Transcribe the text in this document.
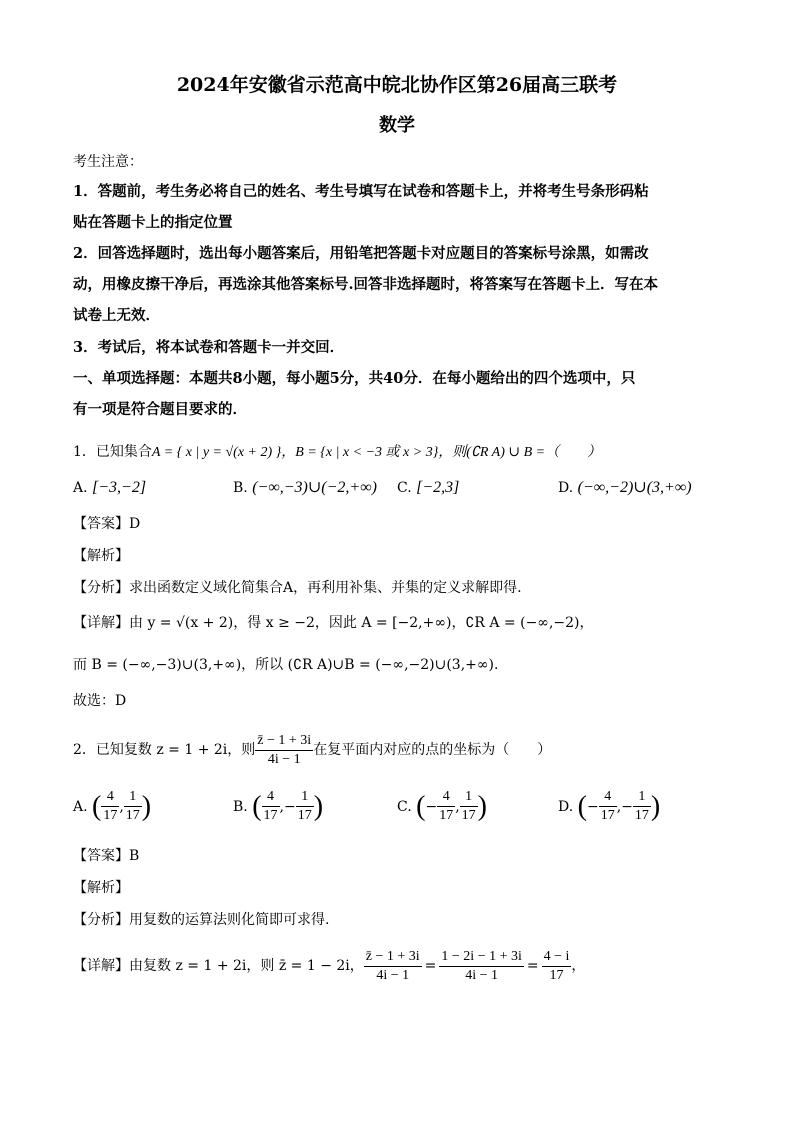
2024年安徽省示范高中皖北协作区第26届高三联考
数学
考生注意：
1．答题前，考生务必将自己的姓名、考生号填写在试卷和答题卡上，并将考生号条形码粘
贴在答题卡上的指定位置
2．回答选择题时，选出每小题答案后，用铅笔把答题卡对应题目的答案标号涂黑，如需改
动，用橡皮擦干净后，再选涂其他答案标号.回答非选择题时，将答案写在答题卡上．写在本
试卷上无效．
3．考试后，将本试卷和答题卡一并交回．
一、单项选择题：本题共8小题，每小题5分，共40分．在每小题给出的四个选项中，只
有一项是符合题目要求的．
1．已知集合A = { x | y = √(x + 2) }，B = {x | x < −3 或 x > 3}，则(∁R A) ∪ B =（　　）
A. [−3,−2]	B. (−∞,−3)∪(−2,+∞) C. [−2,3]	D. (−∞,−2)∪(3,+∞)
【答案】D
【解析】
【分析】求出函数定义域化简集合A，再利用补集、并集的定义求解即得.
【详解】由 y = √(x + 2)，得 x ≥ −2，因此 A = [−2,+∞)，∁R A = (−∞,−2)，
而 B = (−∞,−3)∪(3,+∞)，所以 (∁R A)∪B = (−∞,−2)∪(3,+∞).
故选：D
2．已知复数 z = 1 + 2i，则 $\frac{z̄ - 1 + 3i}{4i - 1}$ 在复平面内对应的点的坐标为（　　）
A.
( $\frac{4}{17}$ , $\frac{1}{17}$ )	B.
( $\frac{4}{17}$ , − $\frac{1}{17}$ )	C.
( − $\frac{4}{17}$ , $\frac{1}{17}$ )	D.
( − $\frac{4}{17}$ , − $\frac{1}{17}$ )
【答案】B
【解析】
【分析】用复数的运算法则化简即可求得.
【详解】由复数 z = 1 + 2i，则 z̄ = 1 − 2i， $\frac{z̄ - 1 + 3i}{4i - 1} = \frac{1 - 2i - 1 + 3i}{4i - 1} = \frac{4 - i}{17}$ ，
